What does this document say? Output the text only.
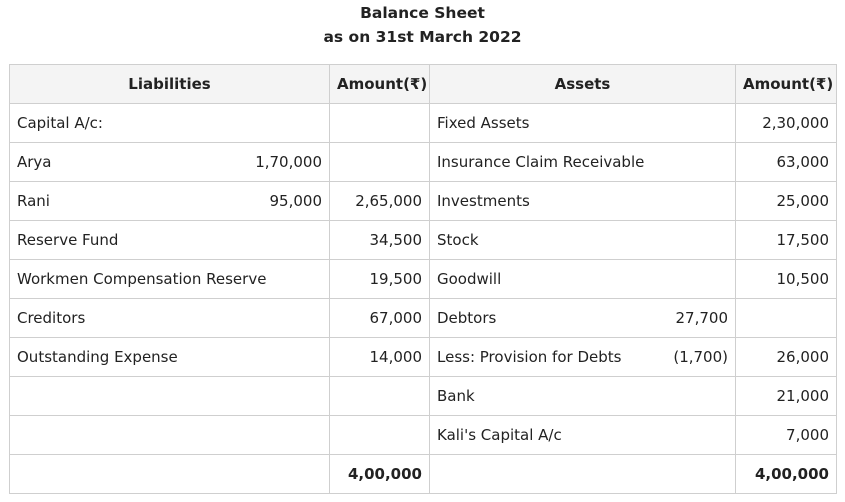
Balance Sheet
as on 31st March 2022
Liabilities	Amount(₹)	Assets	Amount(₹)

Capital A/c:		Fixed Assets	2,30,000

Arya 1,70,000		Insurance Claim Receivable	63,000

Rani 95,000	2,65,000	Investments	25,000

Reserve Fund	34,500	Stock	17,500

Workmen Compensation Reserve	19,500	Goodwill	10,500

Creditors	67,000	Debtors 27,700	

Outstanding Expense	14,000	Less: Provision for Debts (1,700)	26,000

		Bank	21,000

		Kali's Capital A/c	7,000
	4,00,000		4,00,000
